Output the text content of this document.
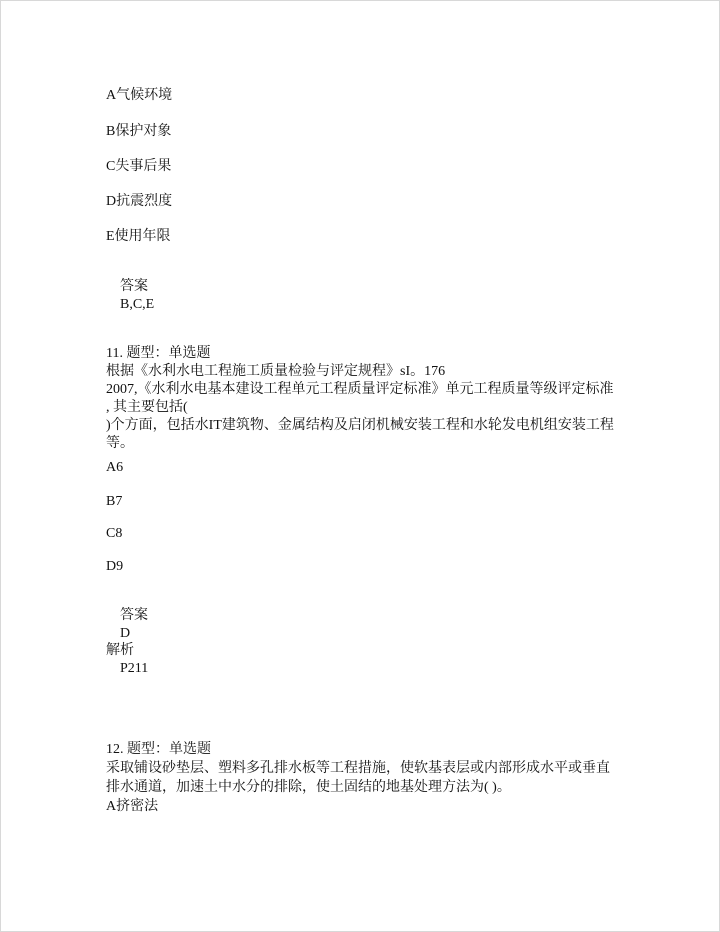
A气候环境
B保护对象
C失事后果
D抗震烈度
E使用年限
答案
B,C,E
11. 题型：单选题
根据《水利水电工程施工质量检验与评定规程》sI。176
2007,《水利水电基本建设工程单元工程质量评定标准》单元工程质量等级评定标准
, 其主要包括(
)个方面，包括水IT建筑物、金属结构及启闭机械安装工程和水轮发电机组安装工程
等。
A6
B7
C8
D9
答案
D
解析
P211
12. 题型：单选题
采取铺设砂垫层、塑料多孔排水板等工程措施，使软基表层或内部形成水平或垂直
排水通道，加速土中水分的排除，使土固结的地基处理方法为( )。
A挤密法
